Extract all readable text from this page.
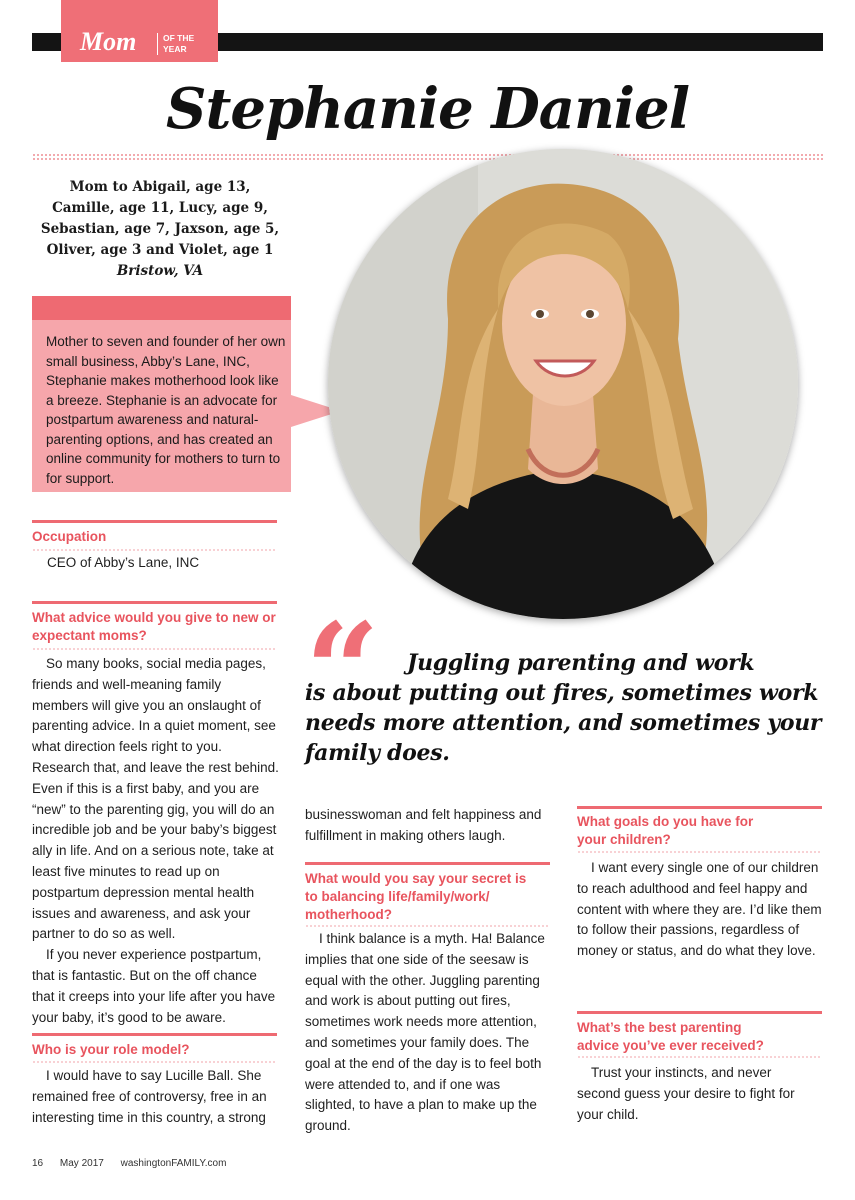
Mom	OF THE
YEAR
Stephanie Daniel
Mom to Abigail, age 13,
Camille, age 11, Lucy, age 9,
Sebastian, age 7, Jaxson, age 5,
Oliver, age 3 and Violet, age 1
Bristow, VA
Mother to seven and founder of her own small business, Abby’s Lane, INC, Stephanie makes motherhood look like a breeze. Stephanie is an advocate for postpartum awareness and natural-parenting options, and has created an online community for mothers to turn to for support.
Occupation
CEO of Abby’s Lane, INC
What advice would you give to new or expectant moms?

So many books, social media pages, friends and well-meaning family members will give you an onslaught of parenting advice. In a quiet moment, see what direction feels right to you. Research that, and leave the rest behind. Even if this is a first baby, and you are “new” to the parenting gig, you will do an incredible job and be your baby’s biggest ally in life. And on a serious note, take at least five minutes to read up on postpartum depression mental health issues and awareness, and ask your partner to do so as well.

If you never experience postpartum, that is fantastic. But on the off chance that it creeps into your life after you have your baby, it’s good to be aware.

Who is your role model?

I would have to say Lucille Ball. She remained free of controversy, free in an interesting time in this country, a strong

“	Juggling parenting and work
is about putting out fires, sometimes work needs more attention, and sometimes your family does.
businesswoman and felt happiness and fulfillment in making others laugh.
What would you say your secret is to balancing life/family/work/ motherhood?

I think balance is a myth. Ha! Balance implies that one side of the seesaw is equal with the other. Juggling parenting and work is about putting out fires, sometimes work needs more attention, and sometimes your family does. The goal at the end of the day is to feel both were attended to, and if one was slighted, to have a plan to make up the ground.

What goals do you have for your children?

I want every single one of our children to reach adulthood and feel happy and content with where they are. I’d like them to follow their passions, regardless of money or status, and do what they love.

What’s the best parenting advice you’ve ever received?

Trust your instincts, and never second guess your desire to fight for your child.

16 May 2017 washingtonFAMILY.com
